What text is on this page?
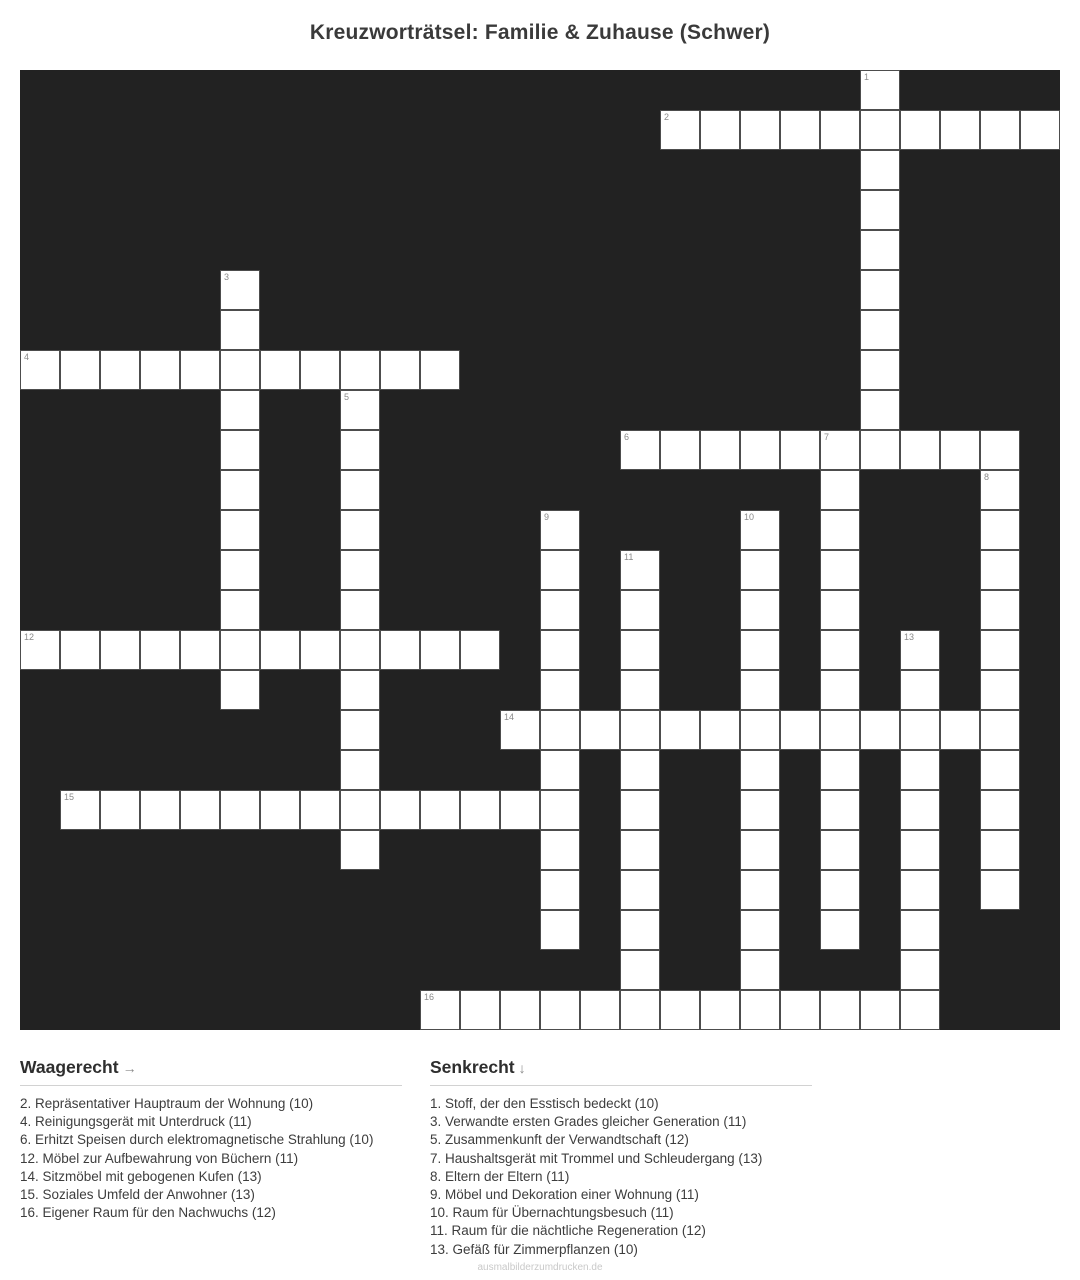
Kreuzworträtsel: Familie & Zuhause (Schwer)
1
2
3
4
5
6	7
8
9	10
11
12	13
14
15
16
Waagerecht →
2. Repräsentativer Hauptraum der Wohnung (10)
4. Reinigungsgerät mit Unterdruck (11)
6. Erhitzt Speisen durch elektromagnetische Strahlung (10)
12. Möbel zur Aufbewahrung von Büchern (11)
14. Sitzmöbel mit gebogenen Kufen (13)
15. Soziales Umfeld der Anwohner (13)
16. Eigener Raum für den Nachwuchs (12)
Senkrecht ↓
1. Stoff, der den Esstisch bedeckt (10)
3. Verwandte ersten Grades gleicher Generation (11)
5. Zusammenkunft der Verwandtschaft (12)
7. Haushaltsgerät mit Trommel und Schleudergang (13)
8. Eltern der Eltern (11)
9. Möbel und Dekoration einer Wohnung (11)
10. Raum für Übernachtungsbesuch (11)
11. Raum für die nächtliche Regeneration (12)
13. Gefäß für Zimmerpflanzen (10)
ausmalbilderzumdrucken.de
